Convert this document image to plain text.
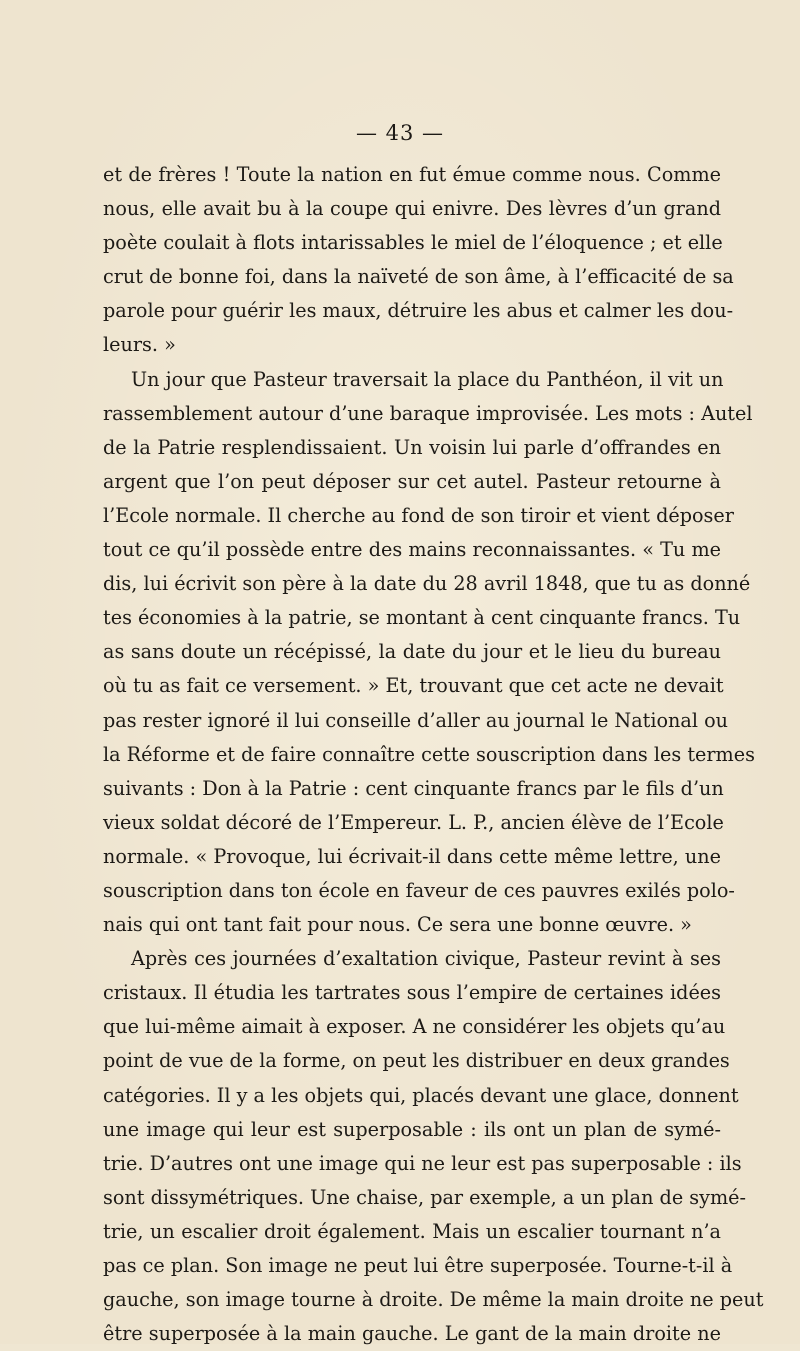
— 43 —
et de frères ! Toute la nation en fut émue comme nous. Comme
nous, elle avait bu à la coupe qui enivre. Des lèvres d’un grand
poète coulait à flots intarissables le miel de l’éloquence ; et elle
crut de bonne foi, dans la naïveté de son âme, à l’efficacité de sa
parole pour guérir les maux, détruire les abus et calmer les dou-
leurs. »
Un jour que Pasteur traversait la place du Panthéon, il vit un
rassemblement autour d’une baraque improvisée. Les mots : Autel
de la Patrie resplendissaient. Un voisin lui parle d’offrandes en
argent que l’on peut déposer sur cet autel. Pasteur retourne à
l’Ecole normale. Il cherche au fond de son tiroir et vient déposer
tout ce qu’il possède entre des mains reconnaissantes. « Tu me
dis, lui écrivit son père à la date du 28 avril 1848, que tu as donné
tes économies à la patrie, se montant à cent cinquante francs. Tu
as sans doute un récépissé, la date du jour et le lieu du bureau
où tu as fait ce versement. » Et, trouvant que cet acte ne devait
pas rester ignoré il lui conseille d’aller au journal le National ou
la Réforme et de faire connaître cette souscription dans les termes
suivants : Don à la Patrie : cent cinquante francs par le fils d’un
vieux soldat décoré de l’Empereur. L. P., ancien élève de l’Ecole
normale. « Provoque, lui écrivait-il dans cette même lettre, une
souscription dans ton école en faveur de ces pauvres exilés polo-
nais qui ont tant fait pour nous. Ce sera une bonne œuvre. »
Après ces journées d’exaltation civique, Pasteur revint à ses
cristaux. Il étudia les tartrates sous l’empire de certaines idées
que lui-même aimait à exposer. A ne considérer les objets qu’au
point de vue de la forme, on peut les distribuer en deux grandes
catégories. Il y a les objets qui, placés devant une glace, donnent
une image qui leur est superposable : ils ont un plan de symé-
trie. D’autres ont une image qui ne leur est pas superposable : ils
sont dissymétriques. Une chaise, par exemple, a un plan de symé-
trie, un escalier droit également. Mais un escalier tournant n’a
pas ce plan. Son image ne peut lui être superposée. Tourne-t-il à
gauche, son image tourne à droite. De même la main droite ne peut
être superposée à la main gauche. Le gant de la main droite ne
